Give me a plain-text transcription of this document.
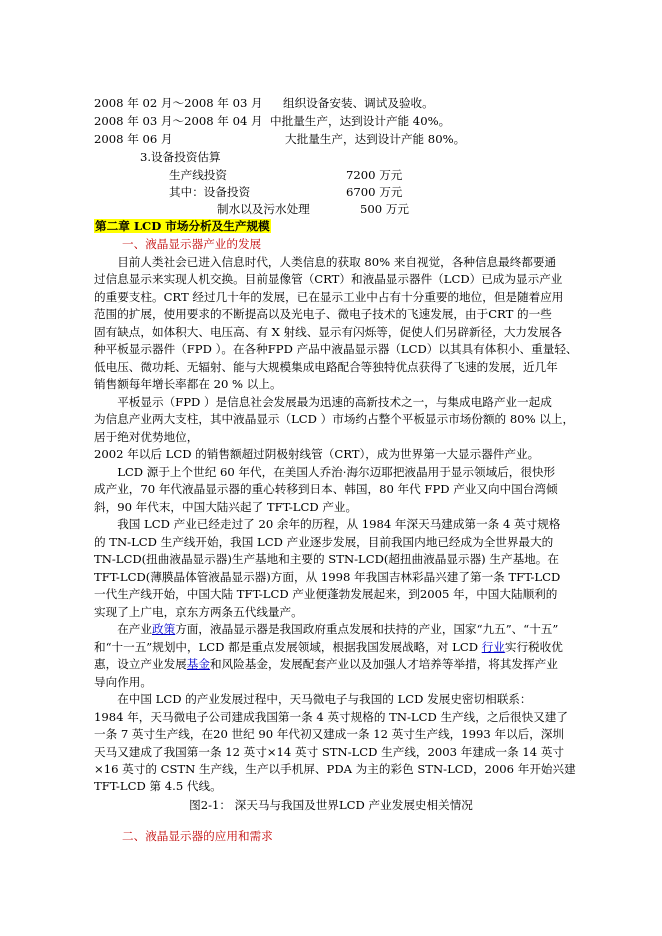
2008 年 02 月～2008 年 03 月 组织设备安装、调试及验收。
2008 年 03 月～2008 年 04 月 中批量生产，达到设计产能 40%。
2008 年 06 月	大批量生产，达到设计产能 80%。
3.设备投资估算
生产线投资	7200 万元
其中：设备投资	6700 万元
制水以及污水处理	500 万元
第二章 LCD 市场分析及生产规模
一、液晶显示器产业的发展
　　目前人类社会已进入信息时代，人类信息的获取 80% 来自视觉，各种信息最终都要通
过信息显示来实现人机交换。目前显像管（CRT）和液晶显示器件（LCD）已成为显示产业
的重要支柱。CRT 经过几十年的发展，已在显示工业中占有十分重要的地位，但是随着应用
范围的扩展，使用要求的不断提高以及光电子、微电子技术的飞速发展，由于CRT 的一些
固有缺点，如体积大、电压高、有 X 射线、显示有闪烁等，促使人们另辟新径，大力发展各
种平板显示器件（FPD ）。在各种FPD 产品中液晶显示器（LCD）以其具有体积小、重量轻、
低电压、微功耗、无辐射、能与大规模集成电路配合等独特优点获得了飞速的发展，近几年
销售额每年增长率都在 20 % 以上。
　　平板显示（FPD ）是信息社会发展最为迅速的高新技术之一，与集成电路产业一起成
为信息产业两大支柱，其中液晶显示（LCD ）市场约占整个平板显示市场份额的 80% 以上，
居于绝对优势地位，
2002 年以后 LCD 的销售额超过阴极射线管（CRT），成为世界第一大显示器件产业。
　　LCD 源于上个世纪 60 年代，在美国人乔治·海尔迈耶把液晶用于显示领域后，很快形
成产业，70 年代液晶显示器的重心转移到日本、韩国，80 年代 FPD 产业又向中国台湾倾
斜，90 年代末，中国大陆兴起了 TFT-LCD 产业。
　　我国 LCD 产业已经走过了 20 余年的历程，从 1984 年深天马建成第一条 4 英寸规格
的 TN-LCD 生产线开始，我国 LCD 产业逐步发展，目前我国内地已经成为全世界最大的
TN-LCD(扭曲液晶显示器)生产基地和主要的 STN-LCD(超扭曲液晶显示器) 生产基地。在
TFT-LCD(薄膜晶体管液晶显示器)方面，从 1998 年我国吉林彩晶兴建了第一条 TFT-LCD
一代生产线开始，中国大陆 TFT-LCD 产业便蓬勃发展起来，到2005 年，中国大陆顺利的
实现了上广电，京东方两条五代线量产。
　　在产业政策方面，液晶显示器是我国政府重点发展和扶持的产业，国家“九五”、“十五”
和“十一五”规划中，LCD 都是重点发展领域，根据我国发展战略，对 LCD 行业实行税收优
惠，设立产业发展基金和风险基金，发展配套产业以及加强人才培养等举措，将其发挥产业
导向作用。
　　在中国 LCD 的产业发展过程中，天马微电子与我国的 LCD 发展史密切相联系：
1984 年，天马微电子公司建成我国第一条 4 英寸规格的 TN-LCD 生产线，之后很快又建了
一条 7 英寸生产线，在20 世纪 90 年代初又建成一条 12 英寸生产线，1993 年以后，深圳
天马又建成了我国第一条 12 英寸×14 英寸 STN-LCD 生产线，2003 年建成一条 14 英寸
×16 英寸的 CSTN 生产线，生产以手机屏、PDA 为主的彩色 STN-LCD，2006 年开始兴建
TFT-LCD 第 4.5 代线。
图2-1： 深天马与我国及世界LCD 产业发展史相关情况
二、液晶显示器的应用和需求
